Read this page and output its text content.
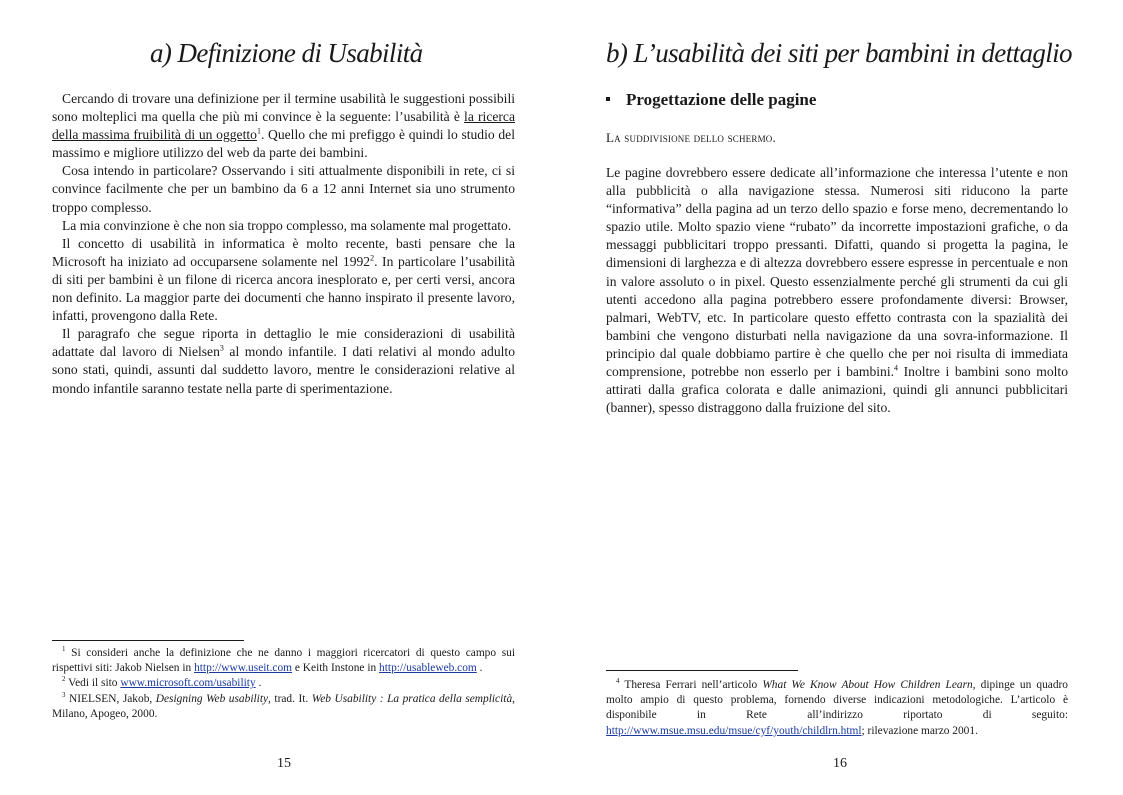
a) Definizione di Usabilità

Cercando di trovare una definizione per il termine usabilità le suggestioni possibili sono molteplici ma quella che più mi convince è la seguente: l’usabilità è la ricerca della massima fruibilità di un oggetto$^1$. Quello che mi prefiggo è quindi lo studio del massimo e migliore utilizzo del web da parte dei bambini.

Cosa intendo in particolare? Osservando i siti attualmente disponibili in rete, ci si convince facilmente che per un bambino da 6 a 12 anni Internet sia uno strumento troppo complesso.

La mia convinzione è che non sia troppo complesso, ma solamente mal progettato.

Il concetto di usabilità in informatica è molto recente, basti pensare che la Microsoft ha iniziato ad occuparsene solamente nel 1992$^2$. In particolare l’usabilità di siti per bambini è un filone di ricerca ancora inesplorato e, per certi versi, ancora non definito. La maggior parte dei documenti che hanno inspirato il presente lavoro, infatti, provengono dalla Rete.

Il paragrafo che segue riporta in dettaglio le mie considerazioni di usabilità adattate dal lavoro di Nielsen$^3$ al mondo infantile. I dati relativi al mondo adulto sono stati, quindi, assunti dal suddetto lavoro, mentre le considerazioni relative al mondo infantile saranno testate nella parte di sperimentazione.

$^1$ Si consideri anche la definizione che ne danno i maggiori ricercatori di questo campo sui rispettivi siti: Jakob Nielsen in http://www.useit.com e Keith Instone in http://usableweb.com .

$^2$ Vedi il sito www.microsoft.com/usability .

$^3$ NIELSEN, Jakob, Designing Web usability, trad. It. Web Usability : La pratica della semplicità, Milano, Apogeo, 2000.

15
b) L’usabilità dei siti per bambini in dettaglio
Progettazione delle pagine
La suddivisione dello schermo.

Le pagine dovrebbero essere dedicate all’informazione che interessa l’utente e non alla pubblicità o alla navigazione stessa. Numerosi siti riducono la parte “informativa” della pagina ad un terzo dello spazio e forse meno, decrementando lo spazio utile. Molto spazio viene “rubato” da incorrette impostazioni grafiche, o da messaggi pubblicitari troppo pressanti. Difatti, quando si progetta la pagina, le dimensioni di larghezza e di altezza dovrebbero essere espresse in percentuale e non in valore assoluto o in pixel. Questo essenzialmente perché gli strumenti da cui gli utenti accedono alla pagina potrebbero essere profondamente diversi: Browser, palmari, WebTV, etc. In particolare questo effetto contrasta con la spazialità dei bambini che vengono disturbati nella navigazione da una sovra-informazione. Il principio dal quale dobbiamo partire è che quello che per noi risulta di immediata comprensione, potrebbe non esserlo per i bambini.$^4$ Inoltre i bambini sono molto attirati dalla grafica colorata e dalle animazioni, quindi gli annunci pubblicitari (banner), spesso distraggono dalla fruizione del sito.

$^4$ Theresa Ferrari nell’articolo What We Know About How Children Learn, dipinge un quadro molto ampio di questo problema, fornendo diverse indicazioni metodologiche. L’articolo è disponibile in Rete all’indirizzo riportato di seguito: http://www.msue.msu.edu/msue/cyf/youth/childlrn.html; rilevazione marzo 2001.

16
